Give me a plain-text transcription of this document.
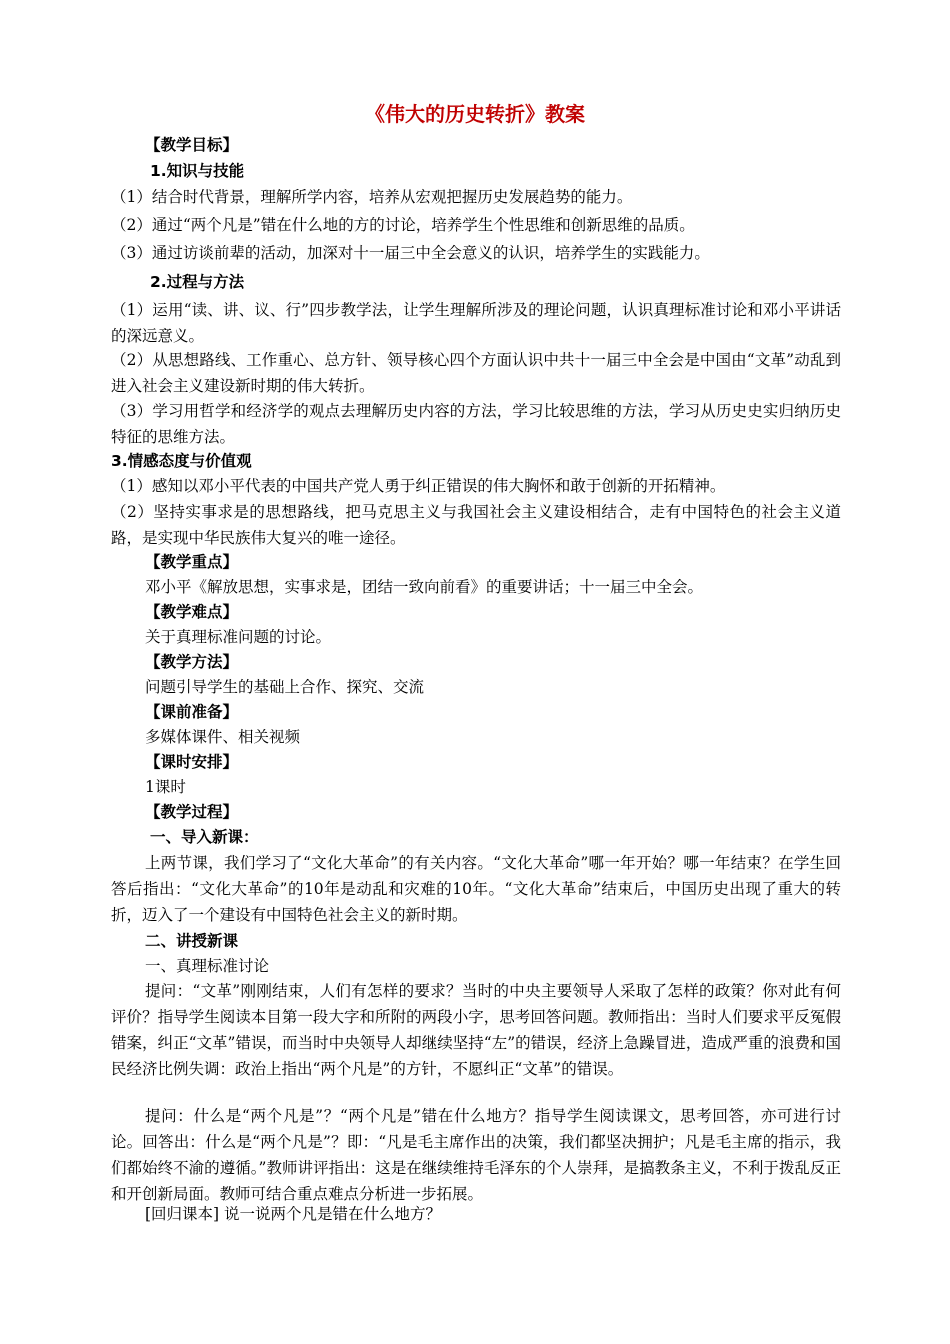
《伟大的历史转折》教案
【教学目标】
1.知识与技能
（1）结合时代背景，理解所学内容，培养从宏观把握历史发展趋势的能力。
（2）通过“两个凡是”错在什么地的方的讨论，培养学生个性思维和创新思维的品质。
（3）通过访谈前辈的活动，加深对十一届三中全会意义的认识，培养学生的实践能力。
2.过程与方法
（1）运用“读、讲、议、行”四步教学法，让学生理解所涉及的理论问题，认识真理标准讨论和邓小平讲话的深远意义。
（2）从思想路线、工作重心、总方针、领导核心四个方面认识中共十一届三中全会是中国由“文革”动乱到进入社会主义建设新时期的伟大转折。
（3）学习用哲学和经济学的观点去理解历史内容的方法，学习比较思维的方法，学习从历史史实归纳历史特征的思维方法。
3.情感态度与价值观
（1）感知以邓小平代表的中国共产党人勇于纠正错误的伟大胸怀和敢于创新的开拓精神。
（2）坚持实事求是的思想路线，把马克思主义与我国社会主义建设相结合，走有中国特色的社会主义道路，是实现中华民族伟大复兴的唯一途径。
【教学重点】
邓小平《解放思想，实事求是，团结一致向前看》的重要讲话；十一届三中全会。
【教学难点】
关于真理标准问题的讨论。
【教学方法】
问题引导学生的基础上合作、探究、交流
【课前准备】
多媒体课件、相关视频
【课时安排】
1课时
【教学过程】
一、导入新课：
上两节课，我们学习了“文化大革命”的有关内容。“文化大革命”哪一年开始？哪一年结束？在学生回答后指出：“文化大革命”的10年是动乱和灾难的10年。“文化大革命”结束后，中国历史出现了重大的转折，迈入了一个建设有中国特色社会主义的新时期。
二、讲授新课
一、真理标准讨论
提问：“文革”刚刚结束，人们有怎样的要求？当时的中央主要领导人采取了怎样的政策？你对此有何评价？指导学生阅读本目第一段大字和所附的两段小字，思考回答问题。教师指出：当时人们要求平反冤假错案，纠正“文革”错误，而当时中央领导人却继续坚持“左”的错误，经济上急躁冒进，造成严重的浪费和国民经济比例失调：政治上指出“两个凡是”的方针，不愿纠正“文革”的错误。
提问：什么是“两个凡是”？“两个凡是”错在什么地方？指导学生阅读课文，思考回答，亦可进行讨论。回答出：什么是“两个凡是”？即：“凡是毛主席作出的决策，我们都坚决拥护；凡是毛主席的指示，我们都始终不渝的遵循。”教师讲评指出：这是在继续维持毛泽东的个人崇拜，是搞教条主义，不利于拨乱反正和开创新局面。教师可结合重点难点分析进一步拓展。
[回归课本] 说一说两个凡是错在什么地方？
